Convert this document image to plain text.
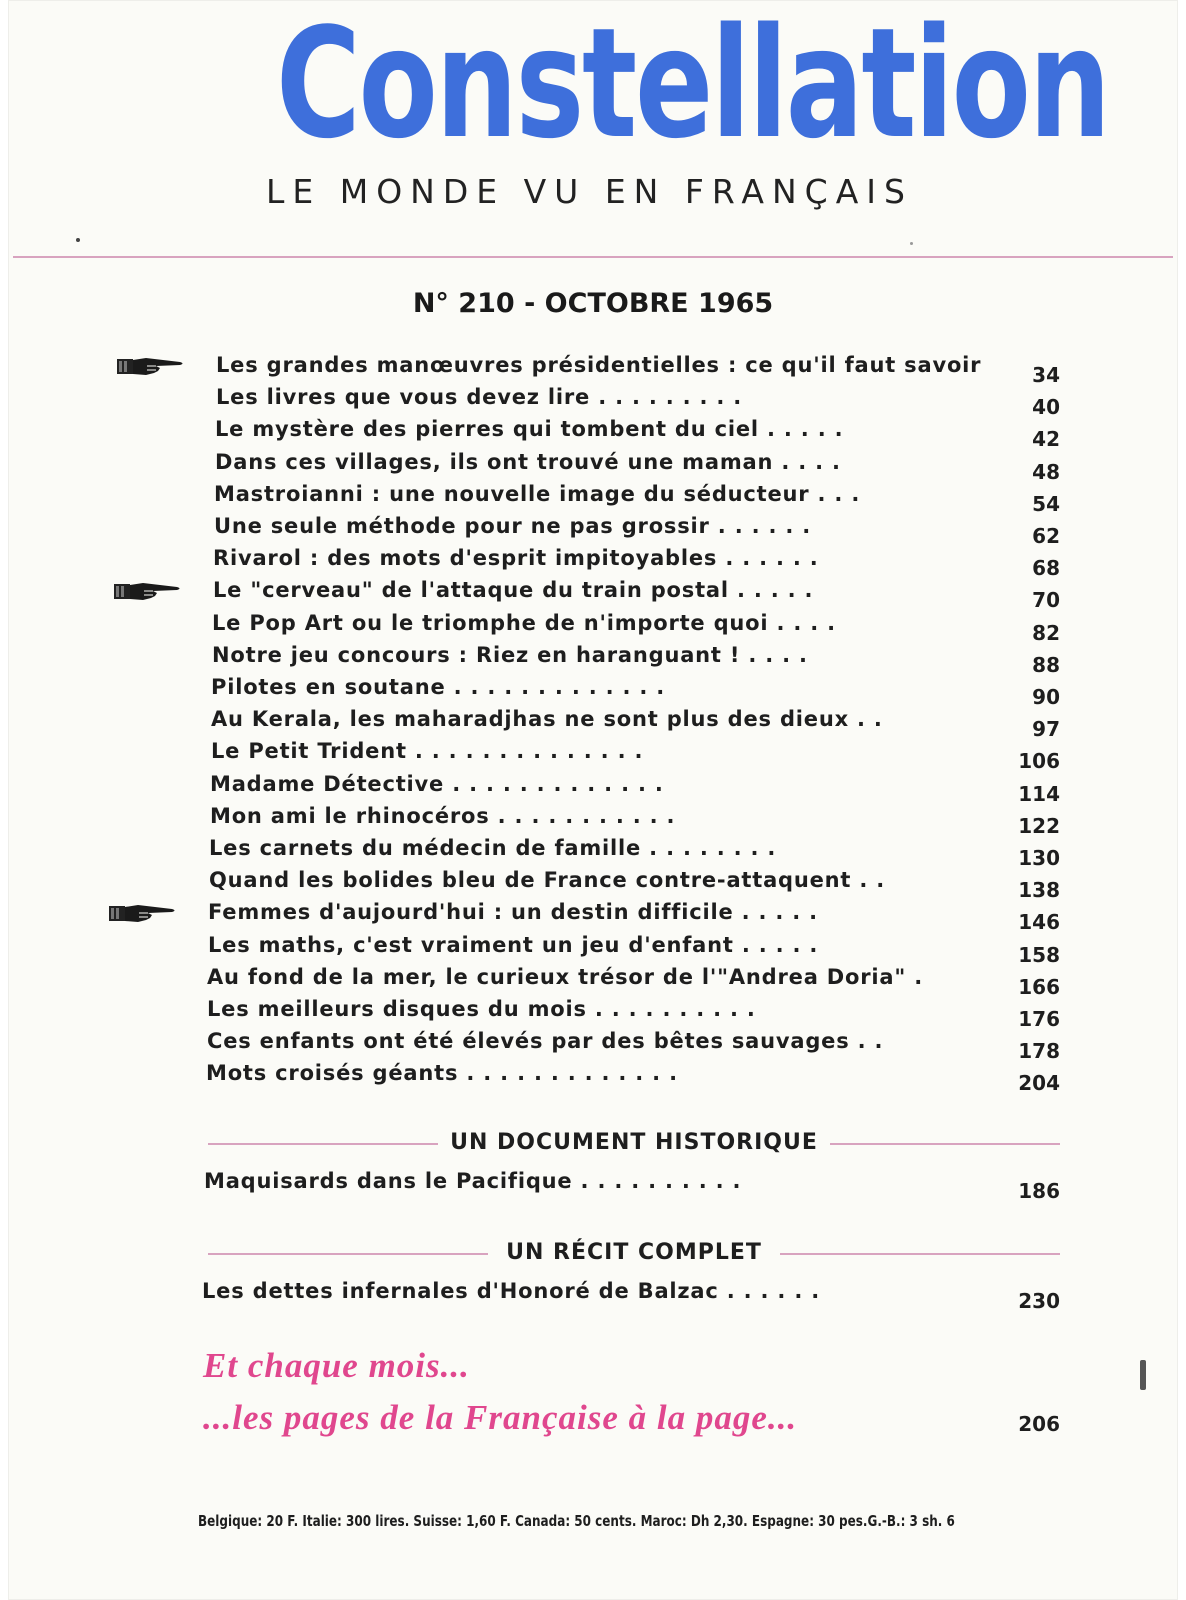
Constellation
LE MONDE VU EN FRANÇAIS
N° 210 - OCTOBRE 1965
Les grandes manœuvres présidentielles : ce qu'il faut savoir	34
Les livres que vous devez lire . . . . . . . . .	40
Le mystère des pierres qui tombent du ciel . . . . .	42
Dans ces villages, ils ont trouvé une maman . . . .	48
Mastroianni : une nouvelle image du séducteur . . .	54
Une seule méthode pour ne pas grossir . . . . . .	62
Rivarol : des mots d'esprit impitoyables . . . . . .	68
Le "cerveau" de l'attaque du train postal . . . . .	70
Le Pop Art ou le triomphe de n'importe quoi . . . .	82
Notre jeu concours : Riez en haranguant ! . . . .	88
Pilotes en soutane . . . . . . . . . . . . .	90
Au Kerala, les maharadjhas ne sont plus des dieux . .	97
Le Petit Trident . . . . . . . . . . . . . .	106
Madame Détective . . . . . . . . . . . . .	114
Mon ami le rhinocéros . . . . . . . . . . .	122
Les carnets du médecin de famille . . . . . . . .	130
Quand les bolides bleu de France contre-attaquent . .	138
Femmes d'aujourd'hui : un destin difficile . . . . .	146
Les maths, c'est vraiment un jeu d'enfant . . . . .	158
Au fond de la mer, le curieux trésor de l'"Andrea Doria" .	166
Les meilleurs disques du mois . . . . . . . . . .	176
Ces enfants ont été élevés par des bêtes sauvages . .	178
Mots croisés géants . . . . . . . . . . . . .	204
UN DOCUMENT HISTORIQUE
Maquisards dans le Pacifique . . . . . . . . . .	186
UN RÉCIT COMPLET
Les dettes infernales d'Honoré de Balzac . . . . . .	230
Et chaque mois...
...les pages de la Française à la page...	206
Belgique: 20 F. Italie: 300 lires. Suisse: 1,60 F. Canada: 50 cents. Maroc: Dh 2,30. Espagne: 30 pes.G.-B.: 3 sh. 6
